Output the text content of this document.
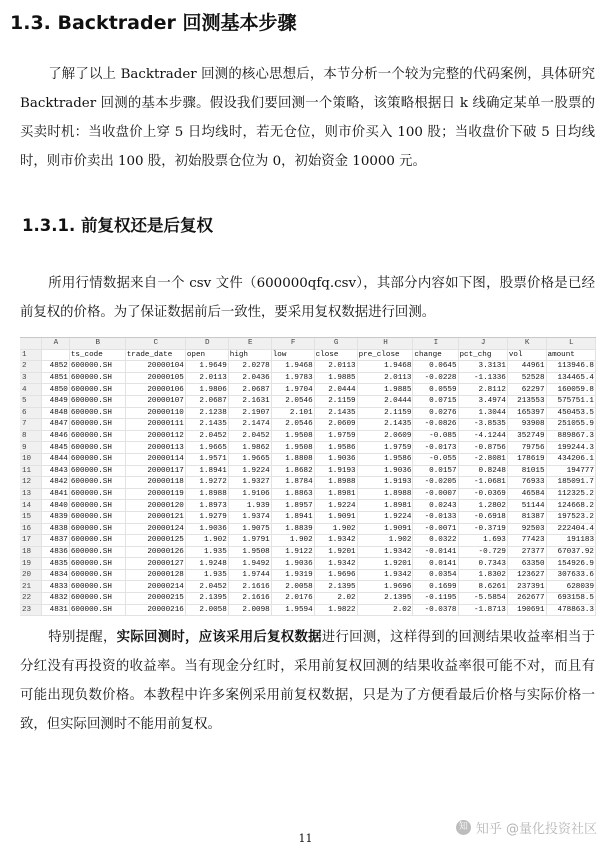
1.3. Backtrader 回测基本步骤

了解了以上 Backtrader 回测的核心思想后，本节分析一个较为完整的代码案例，具体研究 Backtrader 回测的基本步骤。假设我们要回测一个策略，该策略根据日 k 线确定某单一股票的买卖时机：当收盘价上穿 5 日均线时，若无仓位，则市价买入 100 股；当收盘价下破 5 日均线时，则市价卖出 100 股，初始股票仓位为 0，初始资金 10000 元。

1.3.1. 前复权还是后复权

所用行情数据来自一个 csv 文件（600000qfq.csv），其部分内容如下图，股票价格是已经前复权的价格。为了保证数据前后一致性，要采用复权数据进行回测。

	A	B	C	D	E	F	G	H	I	J	K	L
1		ts_code	trade_date	open	high	low	close	pre_close	change	pct_chg	vol	amount
2	4852	600000.SH	20000104	1.9649	2.0278	1.9468	2.0113	1.9468	0.0645	3.3131	44961	113946.8
3	4851	600000.SH	20000105	2.0113	2.0436	1.9783	1.9885	2.0113	-0.0228	-1.1336	52528	134465.4
4	4850	600000.SH	20000106	1.9806	2.0687	1.9704	2.0444	1.9885	0.0559	2.8112	62297	160059.8
5	4849	600000.SH	20000107	2.0687	2.1631	2.0546	2.1159	2.0444	0.0715	3.4974	213553	575751.1
6	4848	600000.SH	20000110	2.1238	2.1907	2.101	2.1435	2.1159	0.0276	1.3044	165397	450453.5
7	4847	600000.SH	20000111	2.1435	2.1474	2.0546	2.0609	2.1435	-0.0826	-3.8535	93908	251055.9
8	4846	600000.SH	20000112	2.0452	2.0452	1.9508	1.9759	2.0609	-0.085	-4.1244	352749	889867.3
9	4845	600000.SH	20000113	1.9665	1.9862	1.9508	1.9586	1.9759	-0.0173	-0.8756	79756	199244.3
10	4844	600000.SH	20000114	1.9571	1.9665	1.8808	1.9036	1.9586	-0.055	-2.8081	178619	434206.1
11	4843	600000.SH	20000117	1.8941	1.9224	1.8682	1.9193	1.9036	0.0157	0.8248	81015	194777
12	4842	600000.SH	20000118	1.9272	1.9327	1.8784	1.8988	1.9193	-0.0205	-1.0681	76933	185091.7
13	4841	600000.SH	20000119	1.8988	1.9106	1.8863	1.8981	1.8988	-0.0007	-0.0369	46584	112325.2
14	4840	600000.SH	20000120	1.8973	1.939	1.8957	1.9224	1.8981	0.0243	1.2802	51144	124668.2
15	4839	600000.SH	20000121	1.9279	1.9374	1.8941	1.9091	1.9224	-0.0133	-0.6918	81387	197523.2
16	4838	600000.SH	20000124	1.9036	1.9075	1.8839	1.902	1.9091	-0.0071	-0.3719	92503	222404.4
17	4837	600000.SH	20000125	1.902	1.9791	1.902	1.9342	1.902	0.0322	1.693	77423	191183
18	4836	600000.SH	20000126	1.935	1.9508	1.9122	1.9201	1.9342	-0.0141	-0.729	27377	67037.92
19	4835	600000.SH	20000127	1.9248	1.9492	1.9036	1.9342	1.9201	0.0141	0.7343	63350	154926.9
20	4834	600000.SH	20000128	1.935	1.9744	1.9319	1.9696	1.9342	0.0354	1.8302	123627	307633.6
21	4833	600000.SH	20000214	2.0452	2.1616	2.0058	2.1395	1.9696	0.1699	8.6261	237391	628039
22	4832	600000.SH	20000215	2.1395	2.1616	2.0176	2.02	2.1395	-0.1195	-5.5854	262677	693158.5
23	4831	600000.SH	20000216	2.0058	2.0098	1.9594	1.9822	2.02	-0.0378	-1.8713	190691	478863.3

特别提醒，实际回测时，应该采用后复权数据进行回测，这样得到的回测结果收益率相当于分红没有再投资的收益率。当有现金分红时，采用前复权回测的结果收益率很可能不对，而且有可能出现负数价格。本教程中许多案例采用前复权数据，只是为了方便看最后价格与实际价格一致，但实际回测时不能用前复权。

11
知 知乎 @量化投资社区
